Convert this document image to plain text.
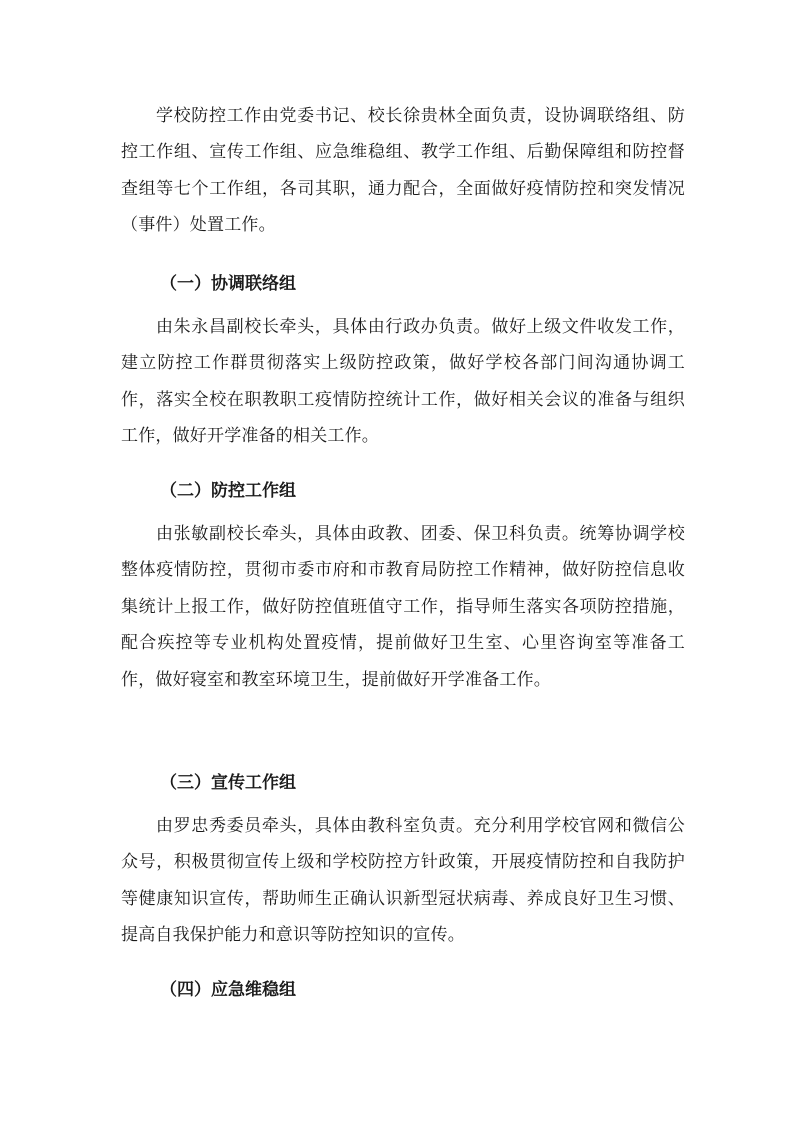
学校防控工作由党委书记、校长徐贵林全面负责，设协调联络组、防控工作组、宣传工作组、应急维稳组、教学工作组、后勤保障组和防控督查组等七个工作组，各司其职，通力配合，全面做好疫情防控和突发情况（事件）处置工作。

（一）协调联络组

由朱永昌副校长牵头，具体由行政办负责。做好上级文件收发工作，建立防控工作群贯彻落实上级防控政策，做好学校各部门间沟通协调工作，落实全校在职教职工疫情防控统计工作，做好相关会议的准备与组织工作，做好开学准备的相关工作。

（二）防控工作组

由张敏副校长牵头，具体由政教、团委、保卫科负责。统筹协调学校整体疫情防控，贯彻市委市府和市教育局防控工作精神，做好防控信息收集统计上报工作，做好防控值班值守工作，指导师生落实各项防控措施，配合疾控等专业机构处置疫情，提前做好卫生室、心里咨询室等准备工作，做好寝室和教室环境卫生，提前做好开学准备工作。

（三）宣传工作组

由罗忠秀委员牵头，具体由教科室负责。充分利用学校官网和微信公众号，积极贯彻宣传上级和学校防控方针政策，开展疫情防控和自我防护等健康知识宣传，帮助师生正确认识新型冠状病毒、养成良好卫生习惯、提高自我保护能力和意识等防控知识的宣传。

（四）应急维稳组
